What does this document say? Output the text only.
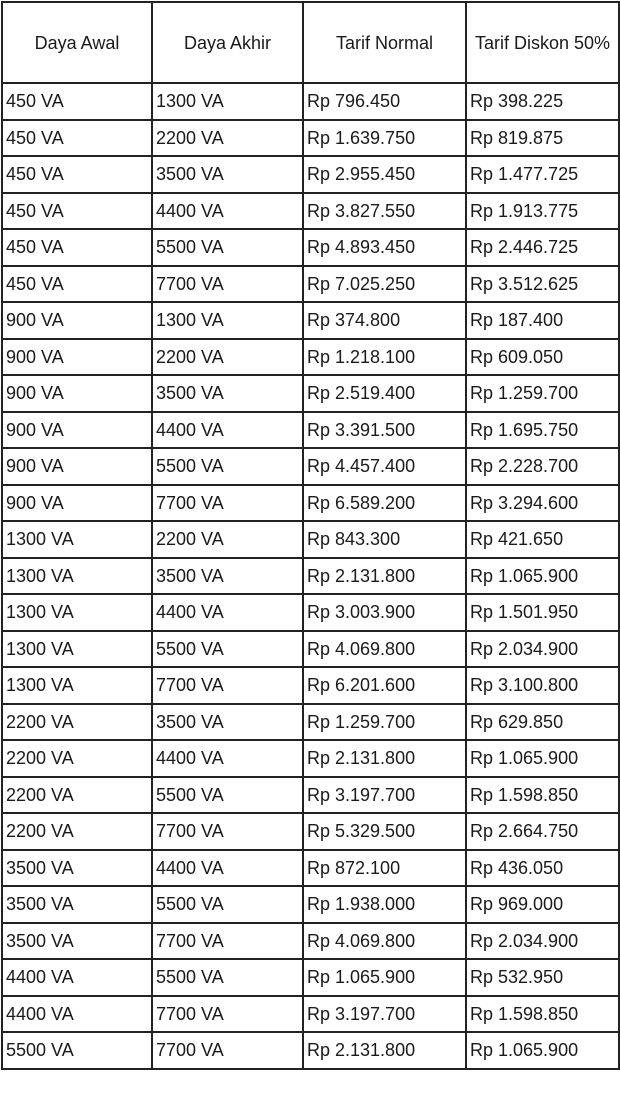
Daya Awal	Daya Akhir	Tarif Normal	Tarif Diskon 50%
450 VA	1300 VA	Rp 796.450	Rp 398.225
450 VA	2200 VA	Rp 1.639.750	Rp 819.875
450 VA	3500 VA	Rp 2.955.450	Rp 1.477.725
450 VA	4400 VA	Rp 3.827.550	Rp 1.913.775
450 VA	5500 VA	Rp 4.893.450	Rp 2.446.725
450 VA	7700 VA	Rp 7.025.250	Rp 3.512.625
900 VA	1300 VA	Rp 374.800	Rp 187.400
900 VA	2200 VA	Rp 1.218.100	Rp 609.050
900 VA	3500 VA	Rp 2.519.400	Rp 1.259.700
900 VA	4400 VA	Rp 3.391.500	Rp 1.695.750
900 VA	5500 VA	Rp 4.457.400	Rp 2.228.700
900 VA	7700 VA	Rp 6.589.200	Rp 3.294.600
1300 VA	2200 VA	Rp 843.300	Rp 421.650
1300 VA	3500 VA	Rp 2.131.800	Rp 1.065.900
1300 VA	4400 VA	Rp 3.003.900	Rp 1.501.950
1300 VA	5500 VA	Rp 4.069.800	Rp 2.034.900
1300 VA	7700 VA	Rp 6.201.600	Rp 3.100.800
2200 VA	3500 VA	Rp 1.259.700	Rp 629.850
2200 VA	4400 VA	Rp 2.131.800	Rp 1.065.900
2200 VA	5500 VA	Rp 3.197.700	Rp 1.598.850
2200 VA	7700 VA	Rp 5.329.500	Rp 2.664.750
3500 VA	4400 VA	Rp 872.100	Rp 436.050
3500 VA	5500 VA	Rp 1.938.000	Rp 969.000
3500 VA	7700 VA	Rp 4.069.800	Rp 2.034.900
4400 VA	5500 VA	Rp 1.065.900	Rp 532.950
4400 VA	7700 VA	Rp 3.197.700	Rp 1.598.850
5500 VA	7700 VA	Rp 2.131.800	Rp 1.065.900
